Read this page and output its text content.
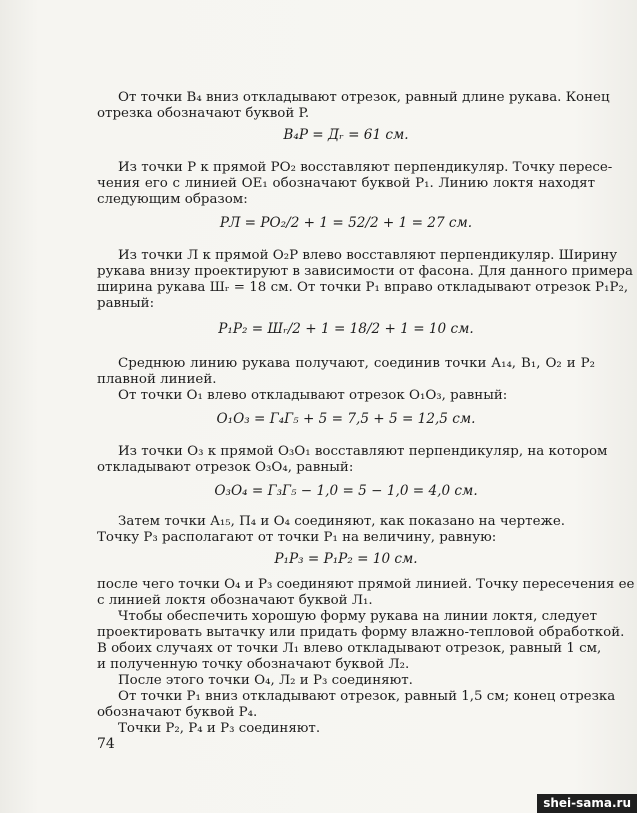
От точки B₄ вниз откладывают отрезок, равный длине рукава. Конец
отрезка обозначают буквой P.
B₄P = Дᵣ = 61 см.
Из точки P к прямой PO₂ восставляют перпендикуляр. Точку пересе-
чения его с линией OE₁ обозначают буквой P₁. Линию локтя находят
следующим образом:
PЛ = PO₂/2 + 1 = 52/2 + 1 = 27 см.
Из точки Л к прямой O₂P влево восставляют перпендикуляр. Ширину
рукава внизу проектируют в зависимости от фасона. Для данного примера
ширина рукава Шᵣ = 18 см. От точки P₁ вправо откладывают отрезок P₁P₂,
равный:
P₁P₂ = Шᵣ/2 + 1 = 18/2 + 1 = 10 см.
Среднюю линию рукава получают, соединив точки A₁₄, B₁, O₂ и P₂
плавной линией.
От точки O₁ влево откладывают отрезок O₁O₃, равный:
O₁O₃ = Г₄Г₅ + 5 = 7,5 + 5 = 12,5 см.
Из точки O₃ к прямой O₃O₁ восставляют перпендикуляр, на котором
откладывают отрезок O₃O₄, равный:
O₃O₄ = Г₃Г₅ − 1,0 = 5 − 1,0 = 4,0 см.
Затем точки A₁₅, П₄ и O₄ соединяют, как показано на чертеже.
Точку P₃ располагают от точки P₁ на величину, равную:
P₁P₃ = P₁P₂ = 10 см.
после чего точки O₄ и P₃ соединяют прямой линией. Точку пересечения ее
с линией локтя обозначают буквой Л₁.
Чтобы обеспечить хорошую форму рукава на линии локтя, следует
проектировать вытачку или придать форму влажно-тепловой обработкой.
В обоих случаях от точки Л₁ влево откладывают отрезок, равный 1 см,
и полученную точку обозначают буквой Л₂.
После этого точки O₄, Л₂ и P₃ соединяют.
От точки P₁ вниз откладывают отрезок, равный 1,5 см; конец отрезка
обозначают буквой P₄.
Точки P₂, P₄ и P₃ соединяют.
74
shei-sama.ru
